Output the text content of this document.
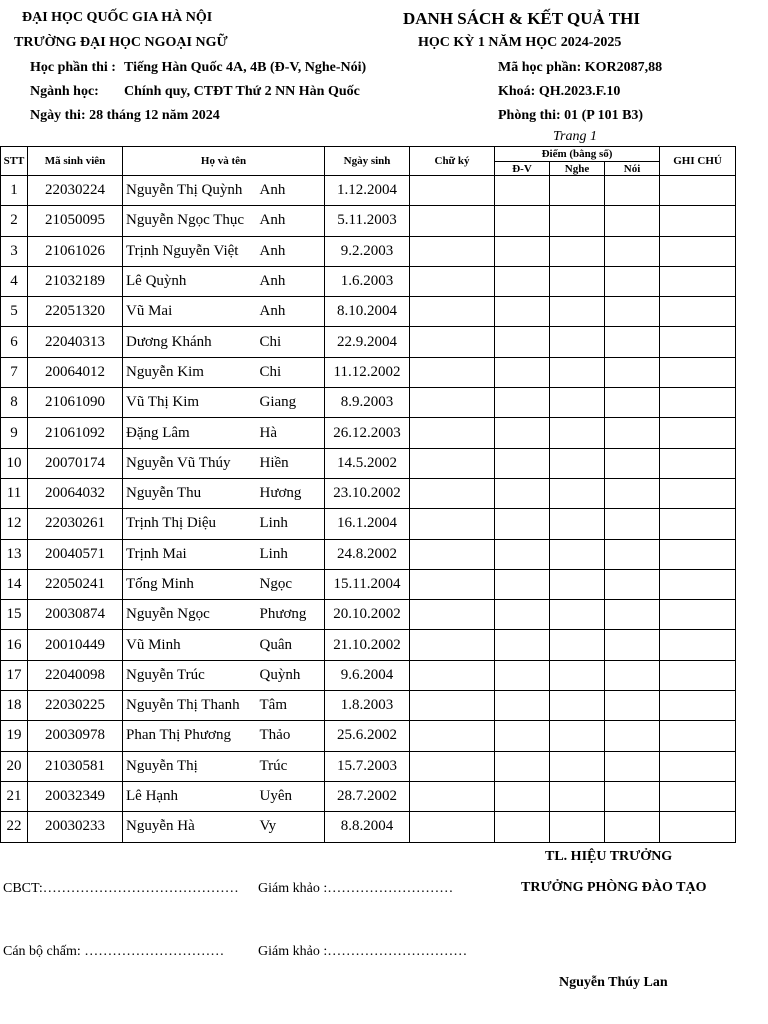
ĐẠI HỌC QUỐC GIA HÀ NỘI
TRƯỜNG ĐẠI HỌC NGOẠI NGỮ
DANH SÁCH & KẾT QUẢ THI
HỌC KỲ 1 NĂM HỌC 2024-2025
Học phần thi : Tiếng Hàn Quốc 4A, 4B (Đ-V, Nghe-Nói)
Ngành học: Chính quy, CTĐT Thứ 2 NN Hàn Quốc
Ngày thi: 28 tháng 12 năm 2024
Mã học phần: KOR2087,88
Khoá: QH.2023.F.10
Phòng thi: 01 (P 101 B3)
Trang 1
STT	Mã sinh viên	Họ và tên		Ngày sinh	Chữ ký	Điểm (bằng số)			GHI CHÚ
						Đ-V	Nghe	Nói	
1	22030224	Nguyễn Thị Quỳnh	Anh	1.12.2004					
2	21050095	Nguyễn Ngọc Thục	Anh	5.11.2003					
3	21061026	Trịnh Nguyễn Việt	Anh	9.2.2003					
4	21032189	Lê Quỳnh	Anh	1.6.2003					
5	22051320	Vũ Mai	Anh	8.10.2004					
6	22040313	Dương Khánh	Chi	22.9.2004					
7	20064012	Nguyễn Kim	Chi	11.12.2002					
8	21061090	Vũ Thị Kim	Giang	8.9.2003					
9	21061092	Đặng Lâm	Hà	26.12.2003					
10	20070174	Nguyễn Vũ Thúy	Hiền	14.5.2002					
11	20064032	Nguyễn Thu	Hương	23.10.2002					
12	22030261	Trịnh Thị Diệu	Linh	16.1.2004					
13	20040571	Trịnh Mai	Linh	24.8.2002					
14	22050241	Tống Minh	Ngọc	15.11.2004					
15	20030874	Nguyễn Ngọc	Phương	20.10.2002					
16	20010449	Vũ Minh	Quân	21.10.2002					
17	22040098	Nguyễn Trúc	Quỳnh	9.6.2004					
18	22030225	Nguyễn Thị Thanh	Tâm	1.8.2003					
19	20030978	Phan Thị Phương	Thảo	25.6.2002					
20	21030581	Nguyễn Thị	Trúc	15.7.2003					
21	20032349	Lê Hạnh	Uyên	28.7.2002					
22	20030233	Nguyễn Hà	Vy	8.8.2004					
TL. HIỆU TRƯỞNG
TRƯỞNG PHÒNG ĐÀO TẠO
CBCT:…………………………………… Giám khảo :………………………
Cán bộ chấm: ………………………… Giám khảo :…………………………
Nguyễn Thúy Lan
